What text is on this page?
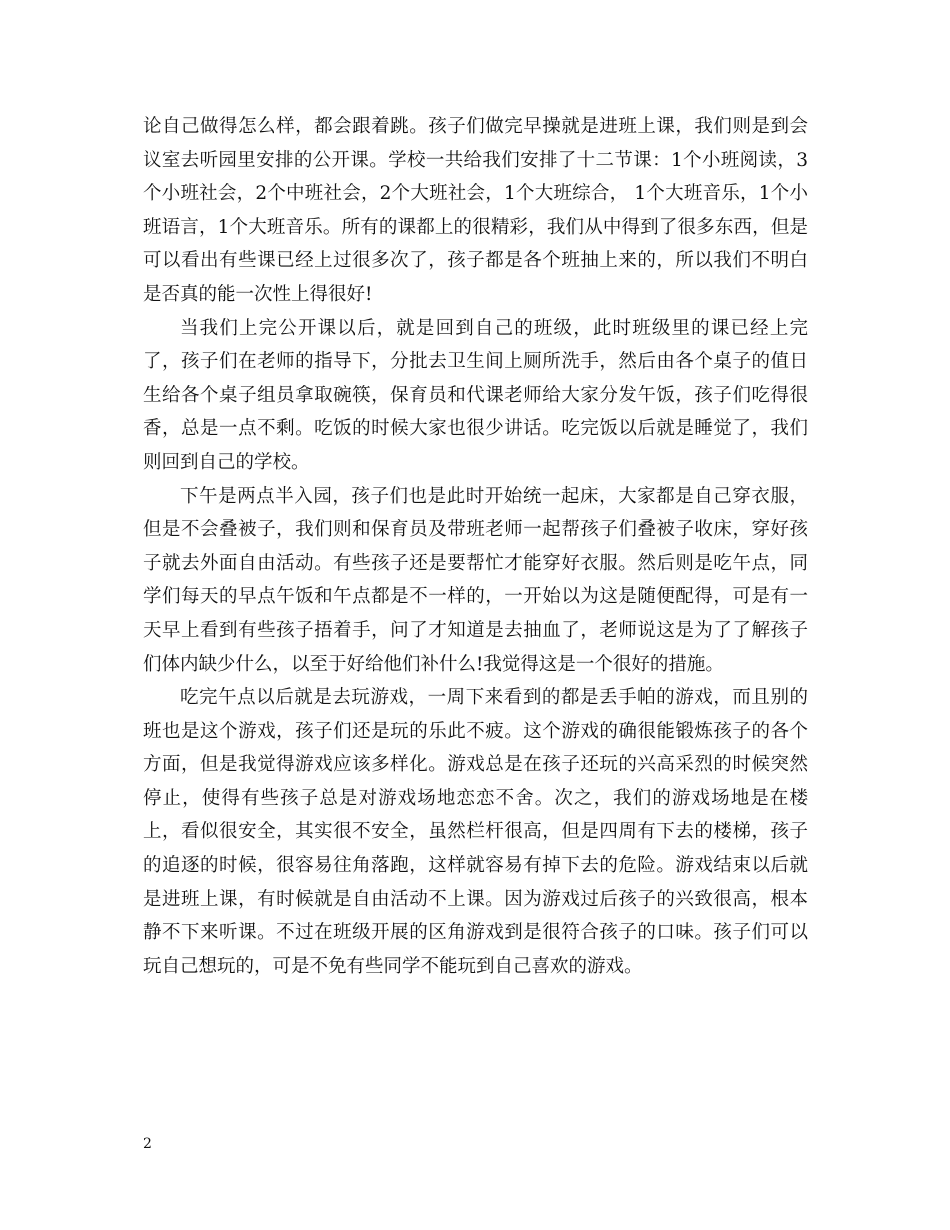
论自己做得怎么样，都会跟着跳。孩子们做完早操就是进班上课，我们则是到会议室去听园里安排的公开课。学校一共给我们安排了十二节课：1个小班阅读，3个小班社会，2个中班社会，2个大班社会，1个大班综合， 1个大班音乐，1个小班语言，1个大班音乐。所有的课都上的很精彩，我们从中得到了很多东西，但是可以看出有些课已经上过很多次了，孩子都是各个班抽上来的，所以我们不明白是否真的能一次性上得很好!

当我们上完公开课以后，就是回到自己的班级，此时班级里的课已经上完了，孩子们在老师的指导下，分批去卫生间上厕所洗手，然后由各个桌子的值日生给各个桌子组员拿取碗筷，保育员和代课老师给大家分发午饭，孩子们吃得很香，总是一点不剩。吃饭的时候大家也很少讲话。吃完饭以后就是睡觉了，我们则回到自己的学校。

下午是两点半入园，孩子们也是此时开始统一起床，大家都是自己穿衣服，但是不会叠被子，我们则和保育员及带班老师一起帮孩子们叠被子收床，穿好孩子就去外面自由活动。有些孩子还是要帮忙才能穿好衣服。然后则是吃午点，同学们每天的早点午饭和午点都是不一样的，一开始以为这是随便配得，可是有一天早上看到有些孩子捂着手，问了才知道是去抽血了，老师说这是为了了解孩子们体内缺少什么，以至于好给他们补什么!我觉得这是一个很好的措施。

吃完午点以后就是去玩游戏，一周下来看到的都是丢手帕的游戏，而且别的班也是这个游戏，孩子们还是玩的乐此不疲。这个游戏的确很能锻炼孩子的各个方面，但是我觉得游戏应该多样化。游戏总是在孩子还玩的兴高采烈的时候突然停止，使得有些孩子总是对游戏场地恋恋不舍。次之，我们的游戏场地是在楼上，看似很安全，其实很不安全，虽然栏杆很高，但是四周有下去的楼梯，孩子的追逐的时候，很容易往角落跑，这样就容易有掉下去的危险。游戏结束以后就是进班上课，有时候就是自由活动不上课。因为游戏过后孩子的兴致很高，根本静不下来听课。不过在班级开展的区角游戏到是很符合孩子的口味。孩子们可以玩自己想玩的，可是不免有些同学不能玩到自己喜欢的游戏。

2
